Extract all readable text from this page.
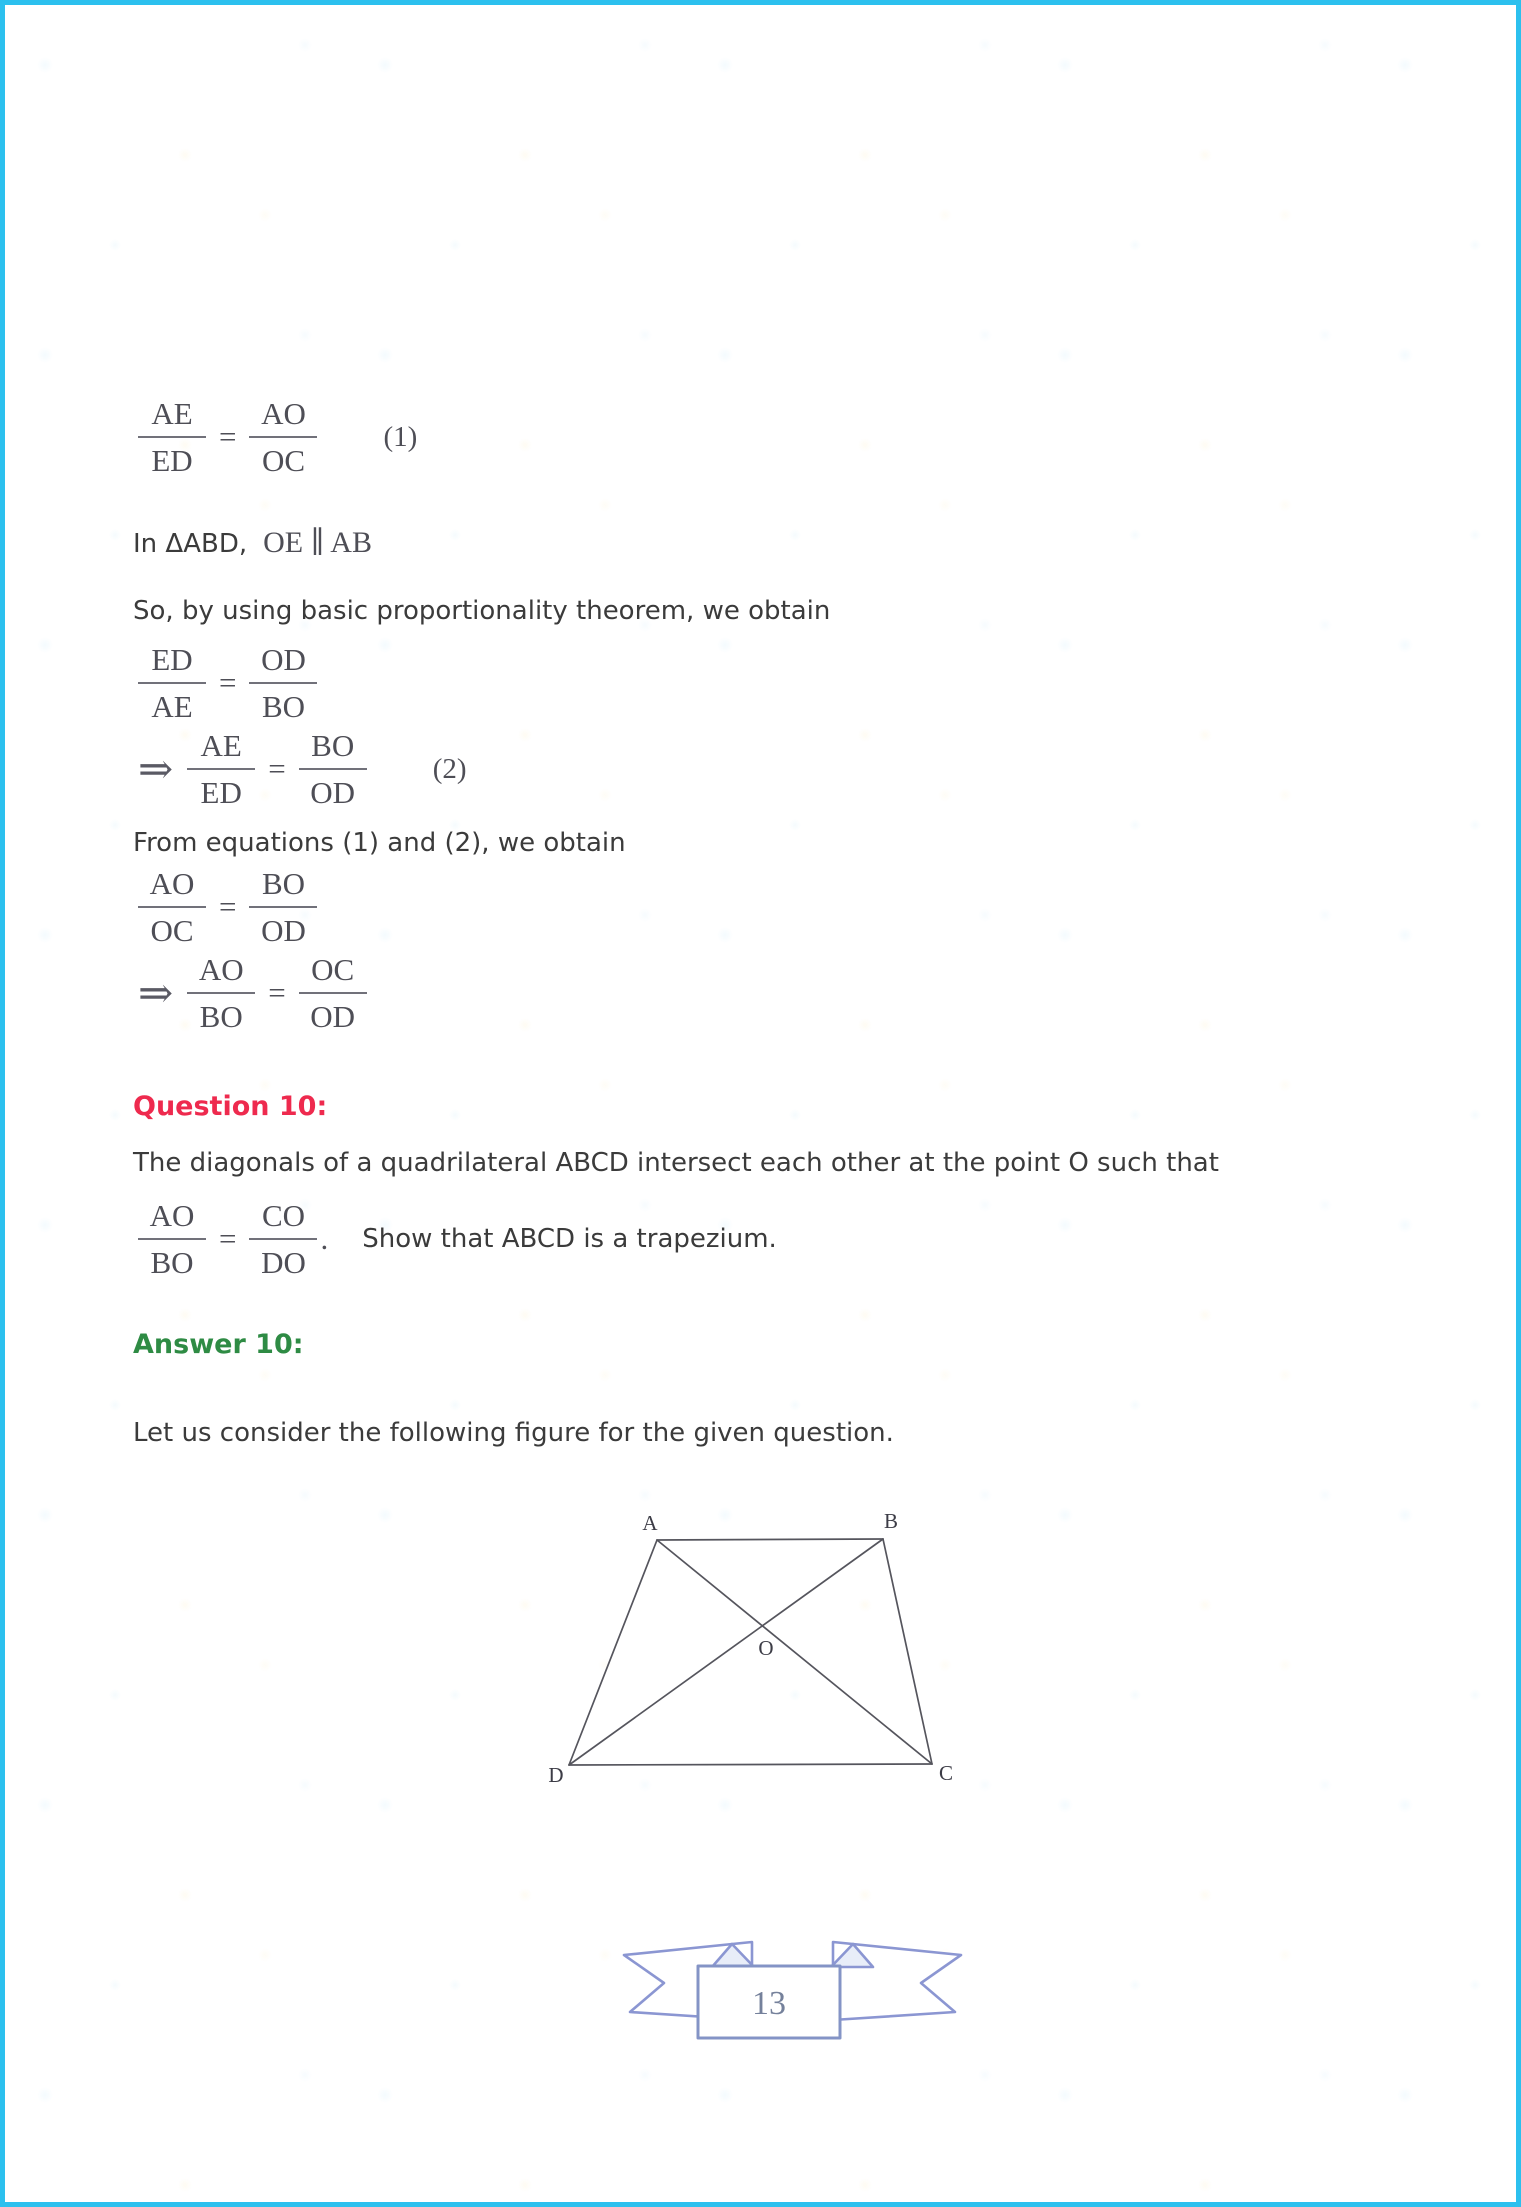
$\frac{AE}{ED} = \frac{AO}{OC} (1)$
In ΔABD, OE ∥ AB
So, by using basic proportionality theorem, we obtain
$\frac{ED}{AE} = \frac{OD}{BO}$
⇒ $\frac{AE}{ED} = \frac{BO}{OD} (2)$
From equations (1) and (2), we obtain
$\frac{AO}{OC} = \frac{BO}{OD}$
⇒ $\frac{AO}{BO} = \frac{OC}{OD}$
Question 10:
The diagonals of a quadrilateral ABCD intersect each other at the point O such that
$\frac{AO}{BO} = \frac{CO}{DO}$ . Show that ABCD is a trapezium.
Answer 10:
Let us consider the following figure for the given question.
A	B
C
D
O
13
